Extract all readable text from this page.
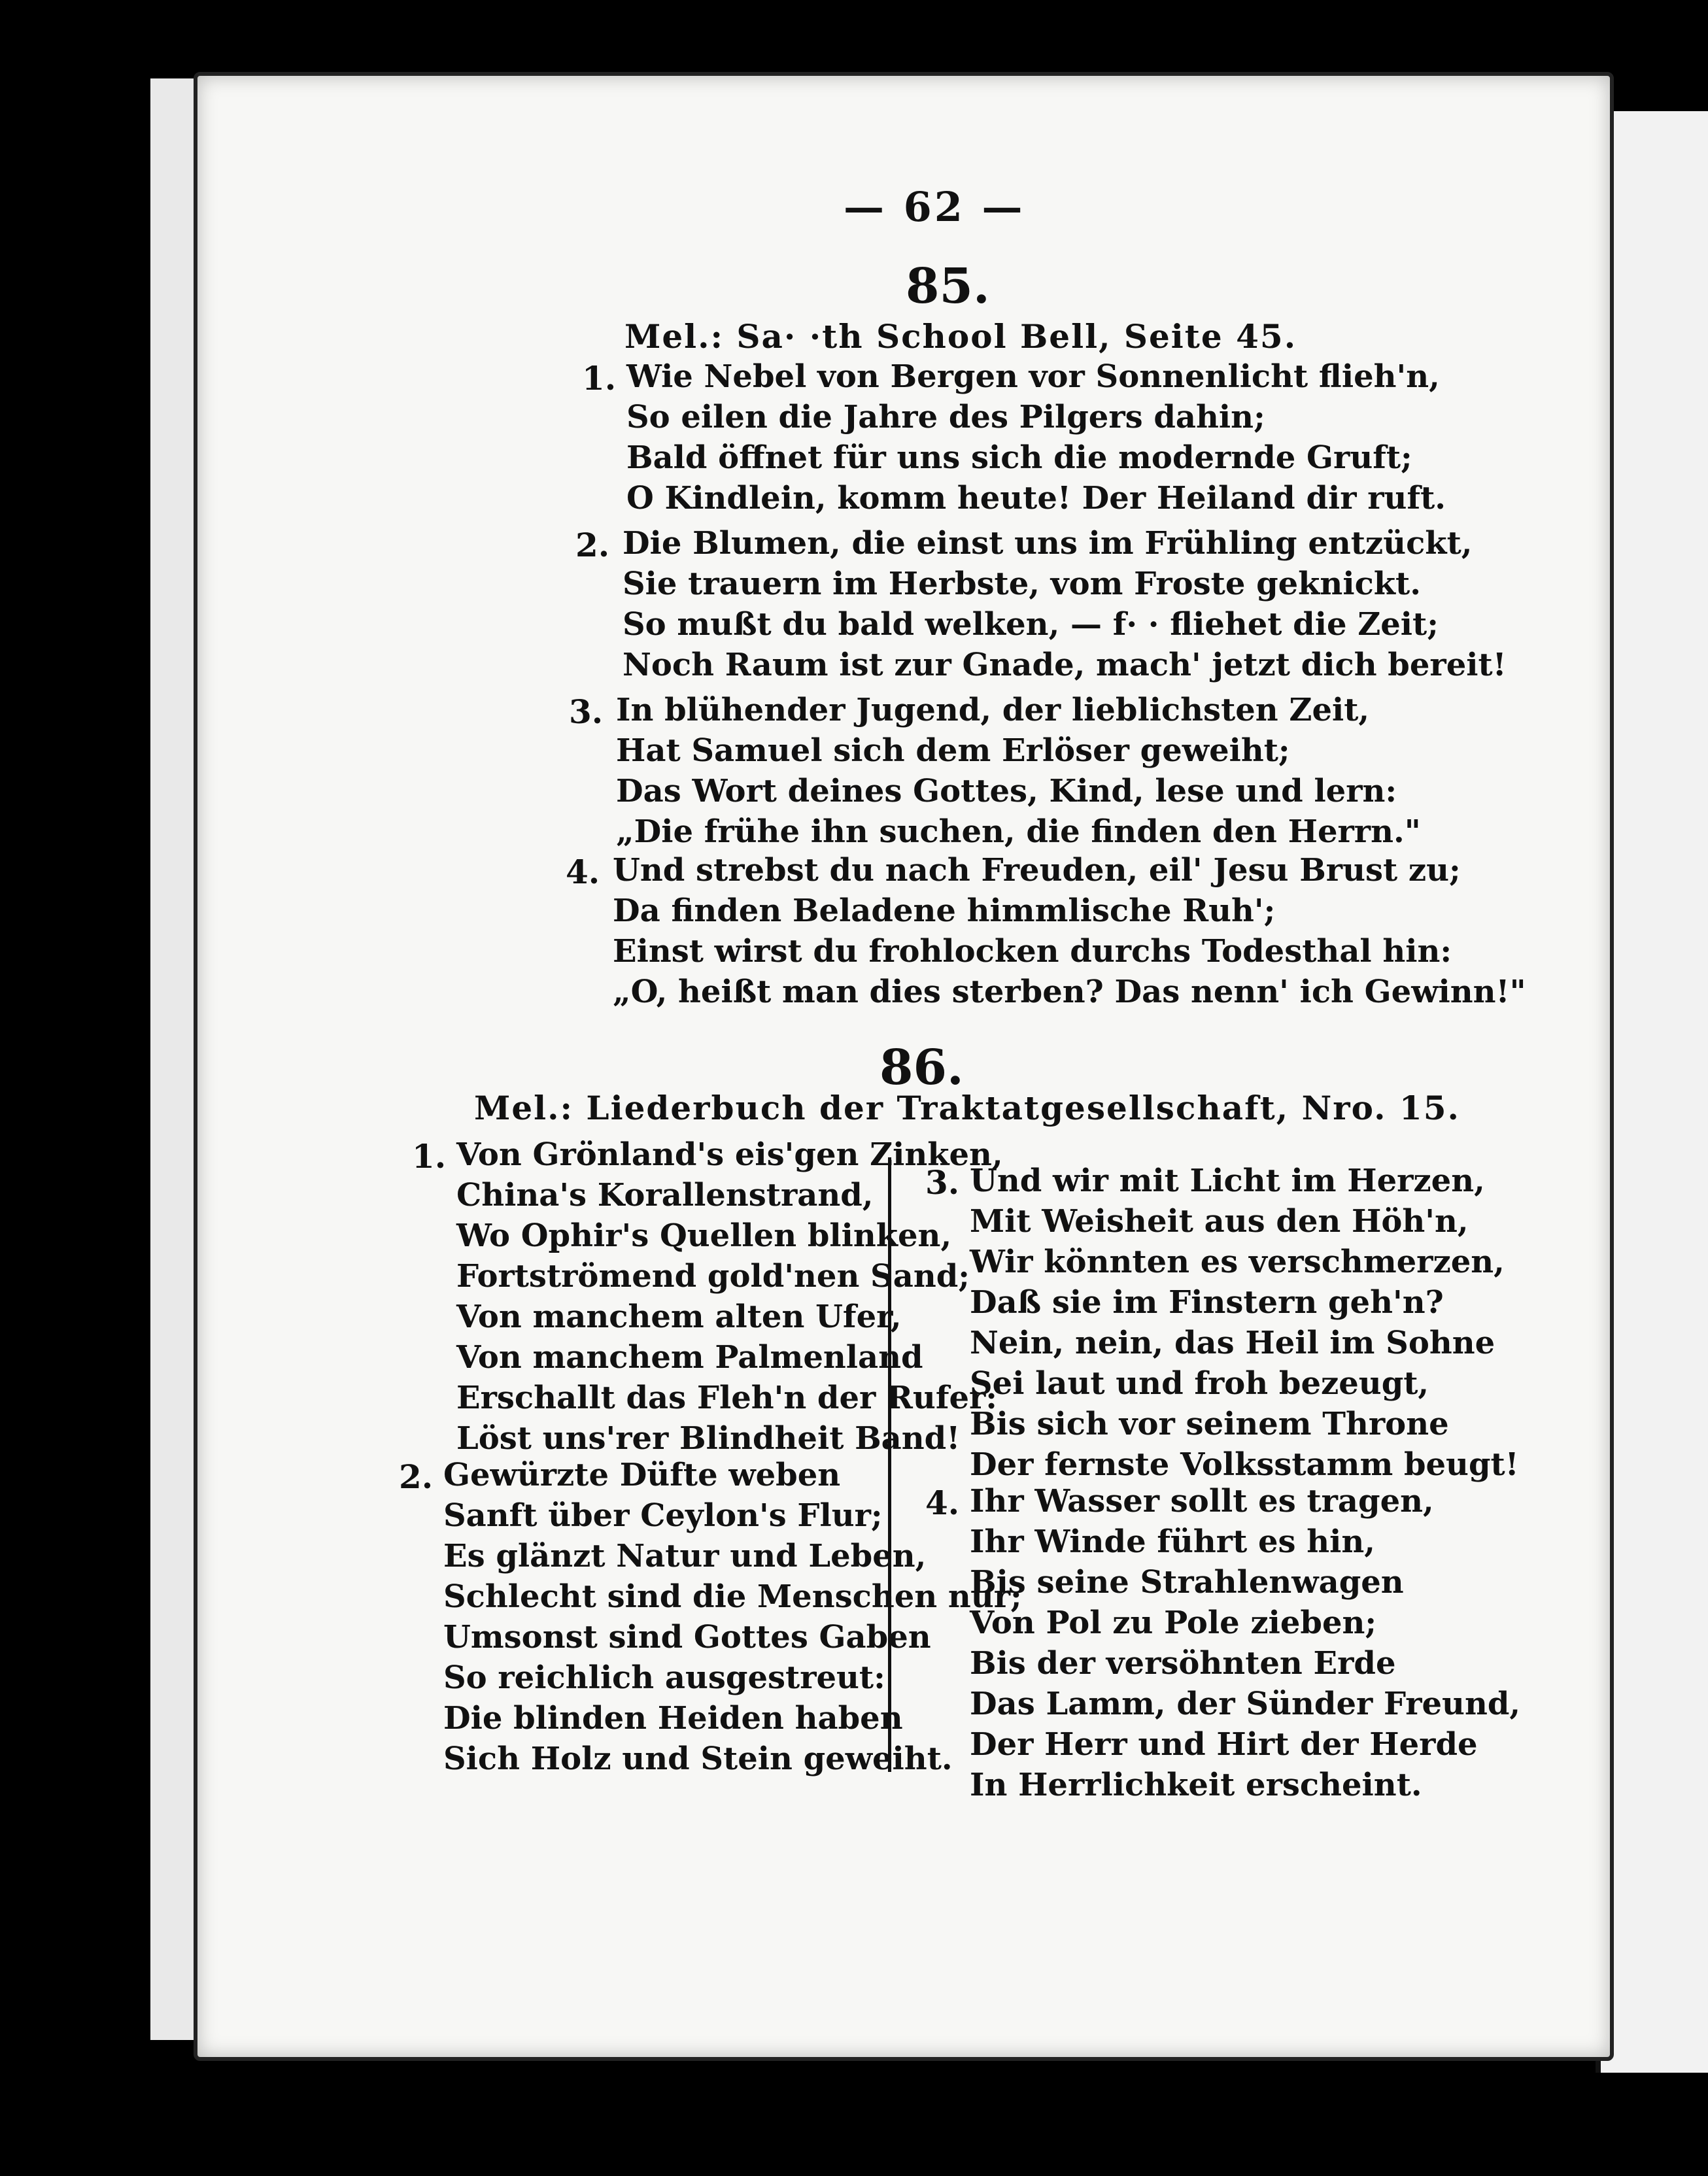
— 62 —
85.
Mel.: Sa· ·th School Bell, Seite 45.
1. Wie Nebel von Bergen vor Sonnenlicht flieh'n,
So eilen die Jahre des Pilgers dahin;
Bald öffnet für uns sich die modernde Gruft;
O Kindlein, komm heute! Der Heiland dir ruft.
2. Die Blumen, die einst uns im Frühling entzückt,
Sie trauern im Herbste, vom Froste geknickt.
So mußt du bald welken, — f· · fliehet die Zeit;
Noch Raum ist zur Gnade, mach' jetzt dich bereit!
3. In blühender Jugend, der lieblichsten Zeit,
Hat Samuel sich dem Erlöser geweiht;
Das Wort deines Gottes, Kind, lese und lern:
„Die frühe ihn suchen, die finden den Herrn."
4. Und strebst du nach Freuden, eil' Jesu Brust zu;
Da finden Beladene himmlische Ruh';
Einst wirst du frohlocken durchs Todesthal hin:
„O, heißt man dies sterben? Das nenn' ich Gewinn!"
86.
Mel.: Liederbuch der Traktatgesellschaft, Nro. 15.
1. Von Grönland's eis'gen Zinken,
China's Korallenstrand,
Wo Ophir's Quellen blinken,
Fortströmend gold'nen Sand;
Von manchem alten Ufer,
Von manchem Palmenland
Erschallt das Fleh'n der Rufer:
Löst uns'rer Blindheit Band!
2. Gewürzte Düfte weben
Sanft über Ceylon's Flur;
Es glänzt Natur und Leben,
Schlecht sind die Menschen nur;
Umsonst sind Gottes Gaben
So reichlich ausgestreut:
Die blinden Heiden haben
Sich Holz und Stein geweiht.
3. Und wir mit Licht im Herzen,
Mit Weisheit aus den Höh'n,
Wir könnten es verschmerzen,
Daß sie im Finstern geh'n?
Nein, nein, das Heil im Sohne
Sei laut und froh bezeugt,
Bis sich vor seinem Throne
Der fernste Volksstamm beugt!
4. Ihr Wasser sollt es tragen,
Ihr Winde führt es hin,
Bis seine Strahlenwagen
Von Pol zu Pole zieben;
Bis der versöhnten Erde
Das Lamm, der Sünder Freund,
Der Herr und Hirt der Herde
In Herrlichkeit erscheint.
